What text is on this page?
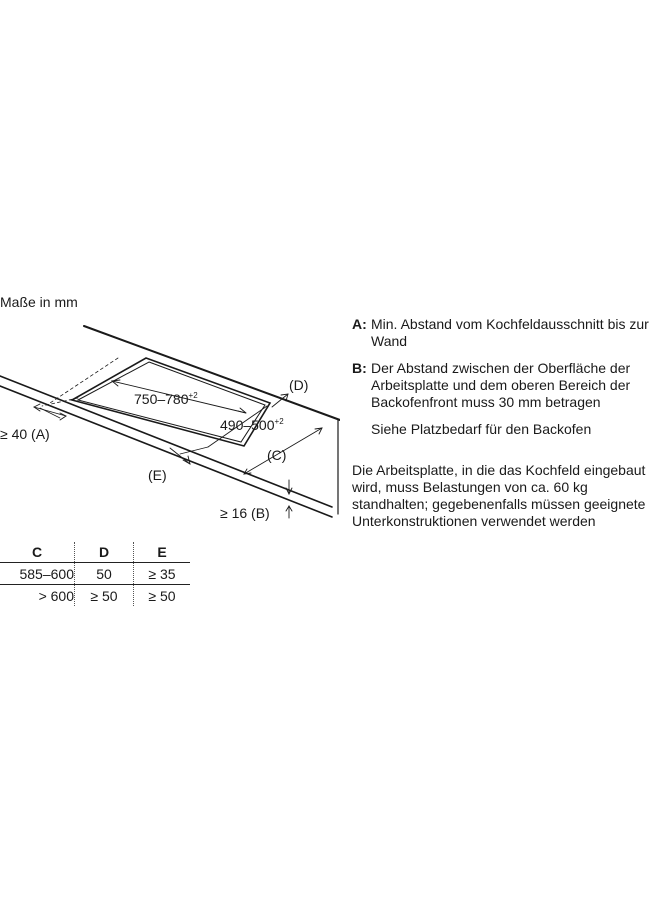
Maße in mm
$750-780^{+2}$
$490-500^{+2}$
(D)
≥ 40 (A)
(C)
(E)
≥ 16 (B)
A: Min. Abstand vom Kochfeldausschnitt bis zur Wand
B: Der Abstand zwischen der Oberfläche der Arbeitsplatte und dem oberen Bereich der Backofenfront muss 30 mm betragen
Siehe Platzbedarf für den Backofen

Die Arbeitsplatte, in die das Kochfeld eingebaut wird, muss Belastungen von ca. 60 kg standhalten; gegebenenfalls müssen geeignete Unterkonstruktionen verwendet werden

C	D	E
585–600	50	≥ 35
> 600	≥ 50	≥ 50
